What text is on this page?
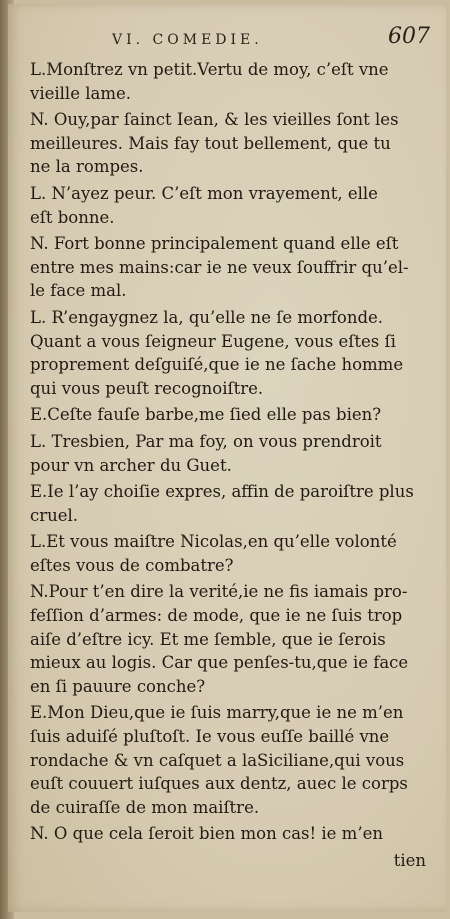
VI. COMEDIE.	607
L.Monſtrez vn petit.Vertu de moy, c’eſt vne
vieille lame.
N. Ouy,par ſainct Iean, & les vieilles ſont les
meilleures. Mais fay tout bellement, que tu
ne la rompes.
L. N’ayez peur. C’eſt mon vrayement, elle
eſt bonne.
N. Fort bonne principalement quand elle eſt
entre mes mains:car ie ne veux ſouffrir qu’el-
le face mal.
L. R’engaygnez la, qu’elle ne ſe morfonde.
Quant a vous ſeigneur Eugene, vous eſtes ſi
proprement deſguiſé,que ie ne ſache homme
qui vous peuſt recognoiſtre.
E.Ceſte fauſe barbe,me ſied elle pas bien?
L. Tresbien, Par ma foy, on vous prendroit
pour vn archer du Guet.
E.Ie l’ay choiſie expres, affin de paroiſtre plus
cruel.
L.Et vous maiſtre Nicolas,en qu’elle volonté
eſtes vous de combatre?
N.Pour t’en dire la verité,ie ne fis iamais pro-
feſſion d’armes: de mode, que ie ne ſuis trop
aiſe d’eſtre icy. Et me ſemble, que ie ſerois
mieux au logis. Car que penſes-tu,que ie face
en ſi pauure conche?
E.Mon Dieu,que ie ſuis marry,que ie ne m’en
ſuis aduiſé pluſtoſt. Ie vous euſſe baillé vne
rondache & vn caſquet a laSiciliane,qui vous
euſt couuert iuſques aux dentz, auec le corps
de cuiraſſe de mon maiſtre.
N. O que cela ſeroit bien mon cas! ie m’en
tien
